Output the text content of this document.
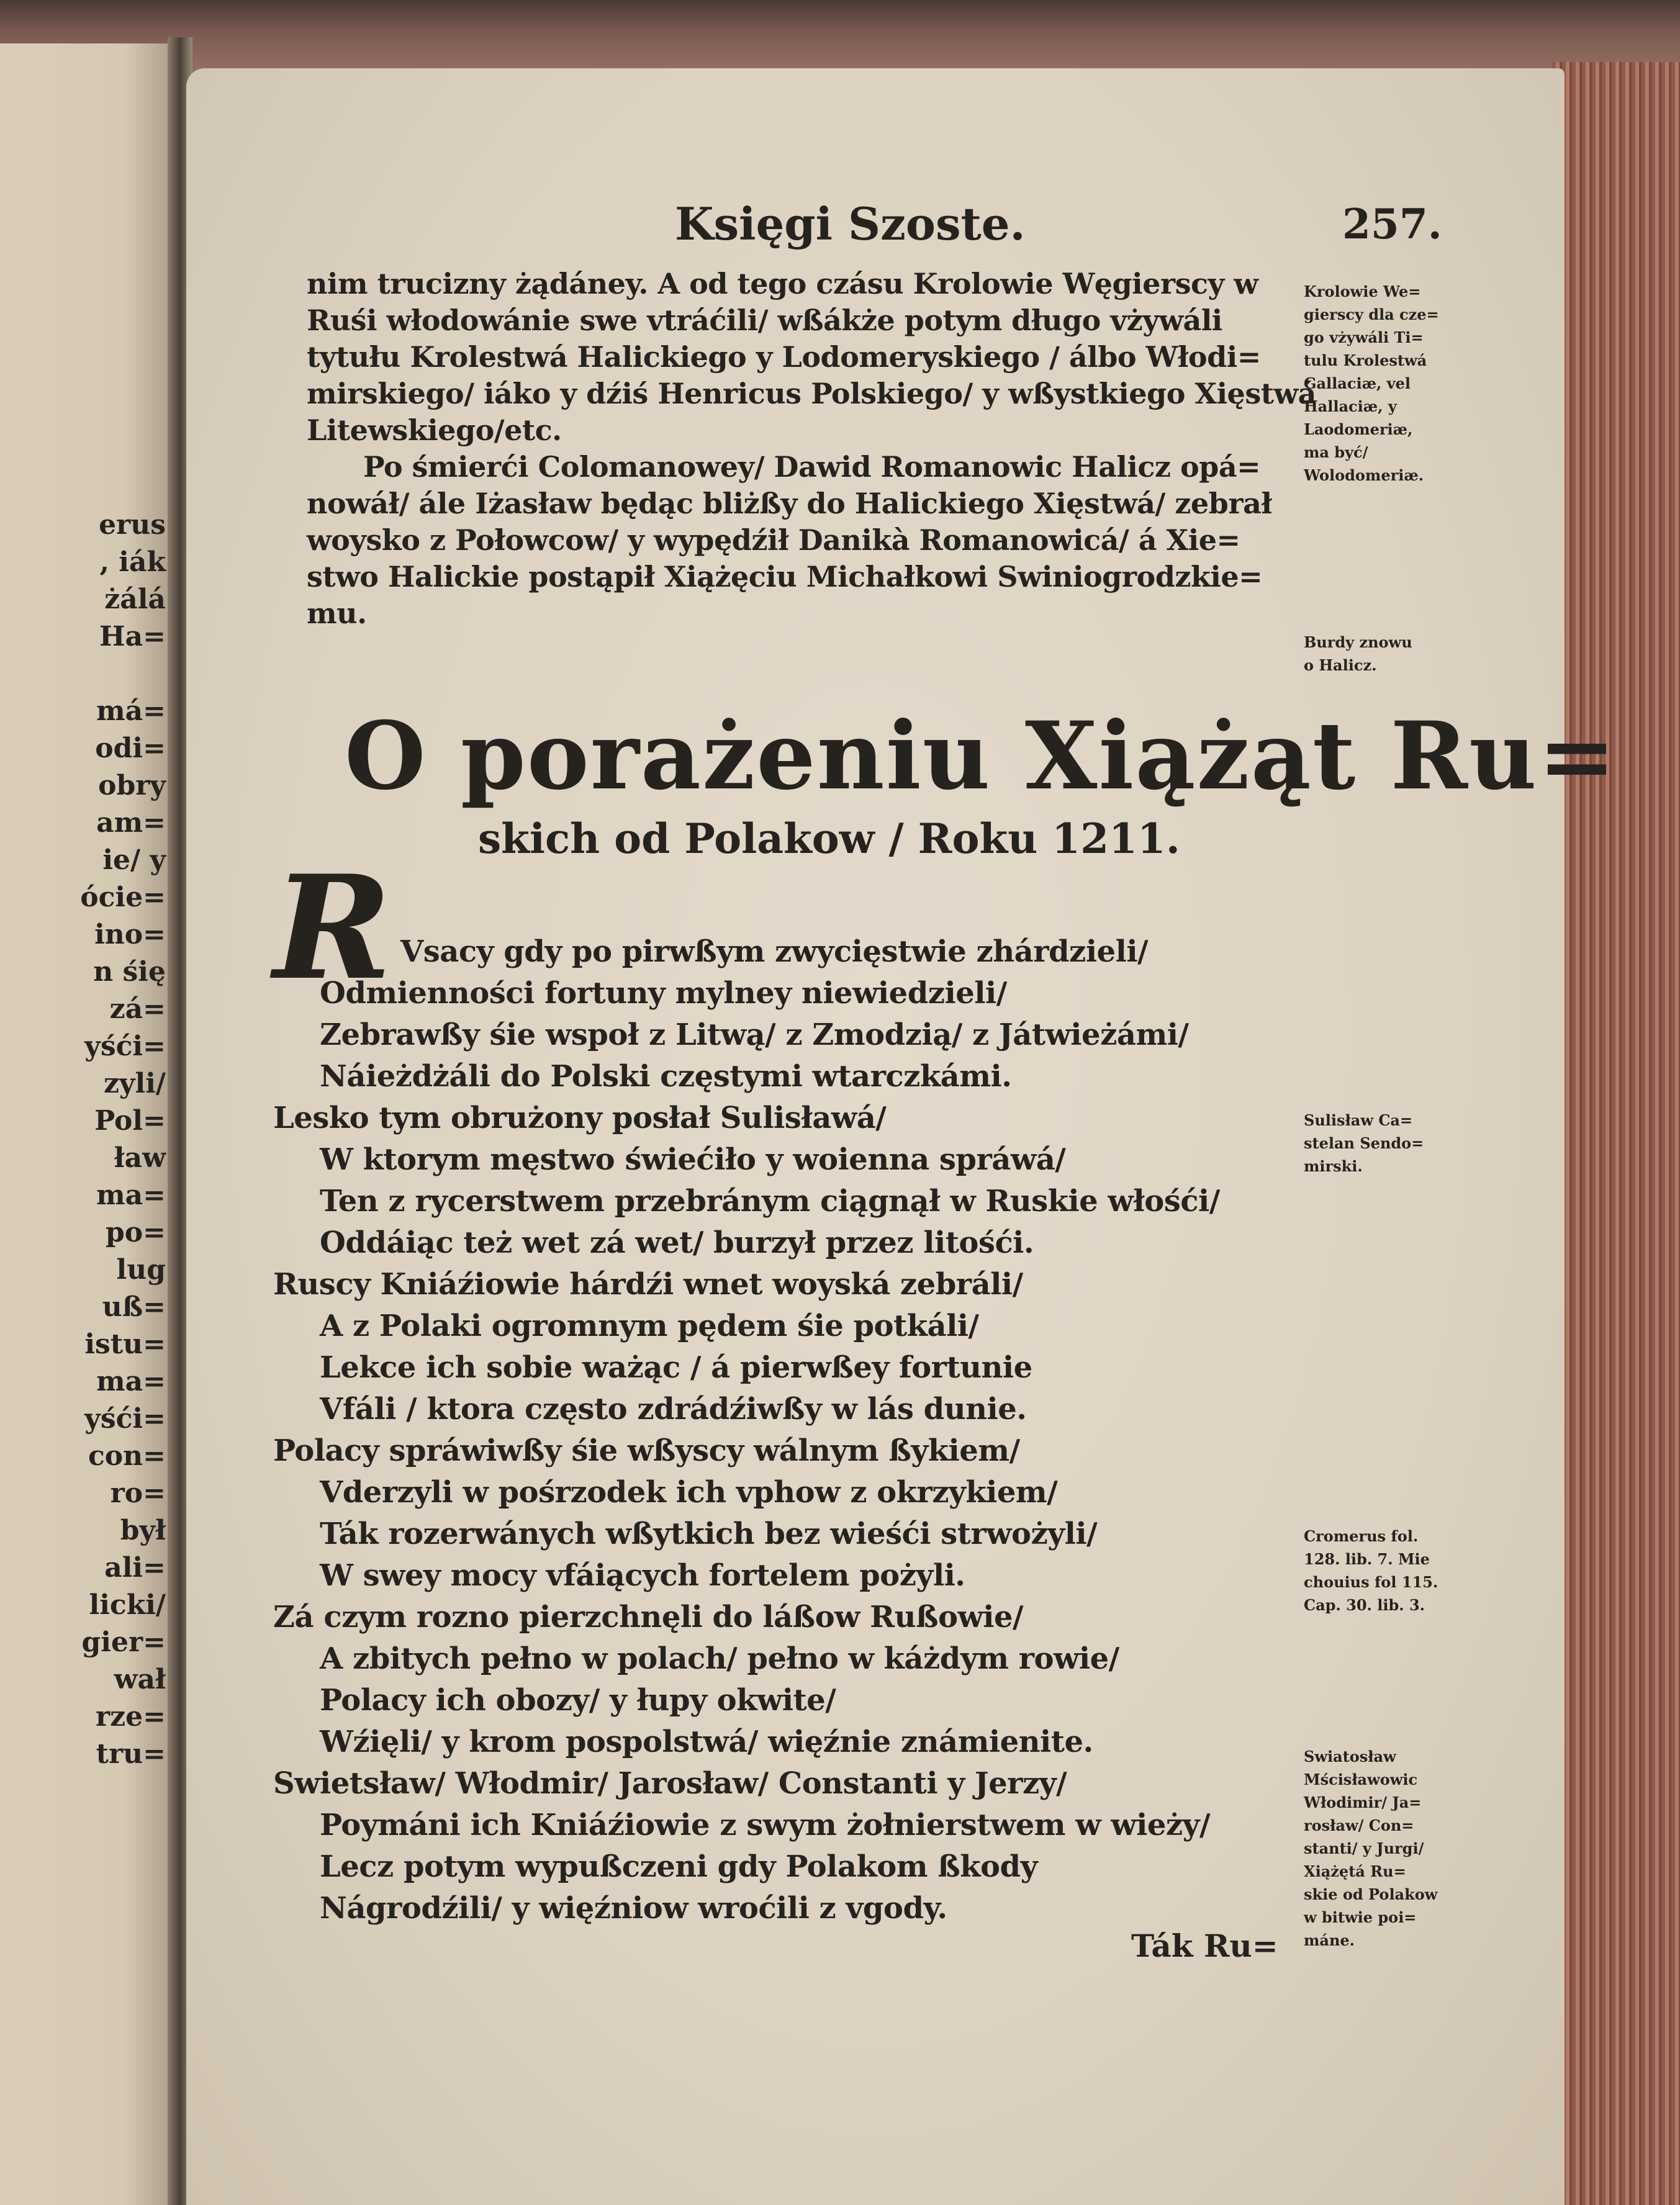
erus
, iák
żálá
Ha=
má=
odi=
obry
am=
ie/ y
ócie=
ino=
n śię
zá=
yśći=
zyli/
Pol=
ław
ma=
po=
lug
uß=
istu=
ma=
yśći=
con=
ro=
był
ali=
licki/
gier=
wał
rze=
tru=
Księgi Szoste.	257.
O porażeniu Xiążąt Ru=
skich od Polakow / Roku 1211.
R
Ták Ru=
nim trucizny żądáney. A od tego czásu Krolowie Węgierscy w
Ruśi włodowánie swe vtráćili/ wßákże potym długo vżywáli
tytułu Krolestwá Halickiego y Lodomeryskiego / álbo Włodi=
mirskiego/ iáko y dźiś Henricus Polskiego/ y wßystkiego Xięstwá
Litewskiego/etc.
Po śmierći Colomanowey/ Dawid Romanowic Halicz opá=
nowáł/ ále Iżasław będąc bliżßy do Halickiego Xięstwá/ zebrał
woysko z Połowcow/ y wypędźił Danikà Romanowicá/ á Xie=
stwo Halickie postąpił Xiążęciu Michałkowi Swiniogrodzkie=
mu.
Vsacy gdy po pirwßym zwycięstwie zhárdzieli/
Odmienności fortuny mylney niewiedzieli/
Zebrawßy śie wspoł z Litwą/ z Zmodzią/ z Játwieżámi/
Náieżdżáli do Polski częstymi wtarczkámi.
Lesko tym obrużony posłał Sulisławá/
W ktorym męstwo świećiło y woienna spráwá/
Ten z rycerstwem przebránym ciągnął w Ruskie włośći/
Oddáiąc też wet zá wet/ burzył przez litośći.
Ruscy Kniáźiowie hárdźi wnet woyská zebráli/
A z Polaki ogromnym pędem śie potkáli/
Lekce ich sobie ważąc / á pierwßey fortunie
Vfáli / ktora często zdrádźiwßy w lás dunie.
Polacy spráwiwßy śie wßyscy wálnym ßykiem/
Vderzyli w pośrzodek ich vphow z okrzykiem/
Ták rozerwánych wßytkich bez wieśći strwożyli/
W swey mocy vfáiących fortelem pożyli.
Zá czym rozno pierzchnęli do láßow Rußowie/
A zbitych pełno w polach/ pełno w káżdym rowie/
Polacy ich obozy/ y łupy okwite/
Wźięli/ y krom pospolstwá/ więźnie známienite.
Swietsław/ Włodmir/ Jarosław/ Constanti y Jerzy/
Poymáni ich Kniáźiowie z swym żołnierstwem w wieży/
Lecz potym wypußczeni gdy Polakom ßkody
Nágrodźili/ y więźniow wroćili z vgody.
Krolowie We=
gierscy dla cze=
go vżywáli Ti=
tulu Krolestwá
Gallaciæ, vel
Hallaciæ, y
Laodomeriæ,
ma być/
Wolodomeriæ.
Burdy znowu
o Halicz.
Sulisław Ca=
stelan Sendo=
mirski.
Cromerus fol.
128. lib. 7. Mie
chouius fol 115.
Cap. 30. lib. 3.
Swiatosław
Mścisławowic
Włodimir/ Ja=
rosław/ Con=
stanti/ y Jurgi/
Xiążętá Ru=
skie od Polakow
w bitwie poi=
máne.
